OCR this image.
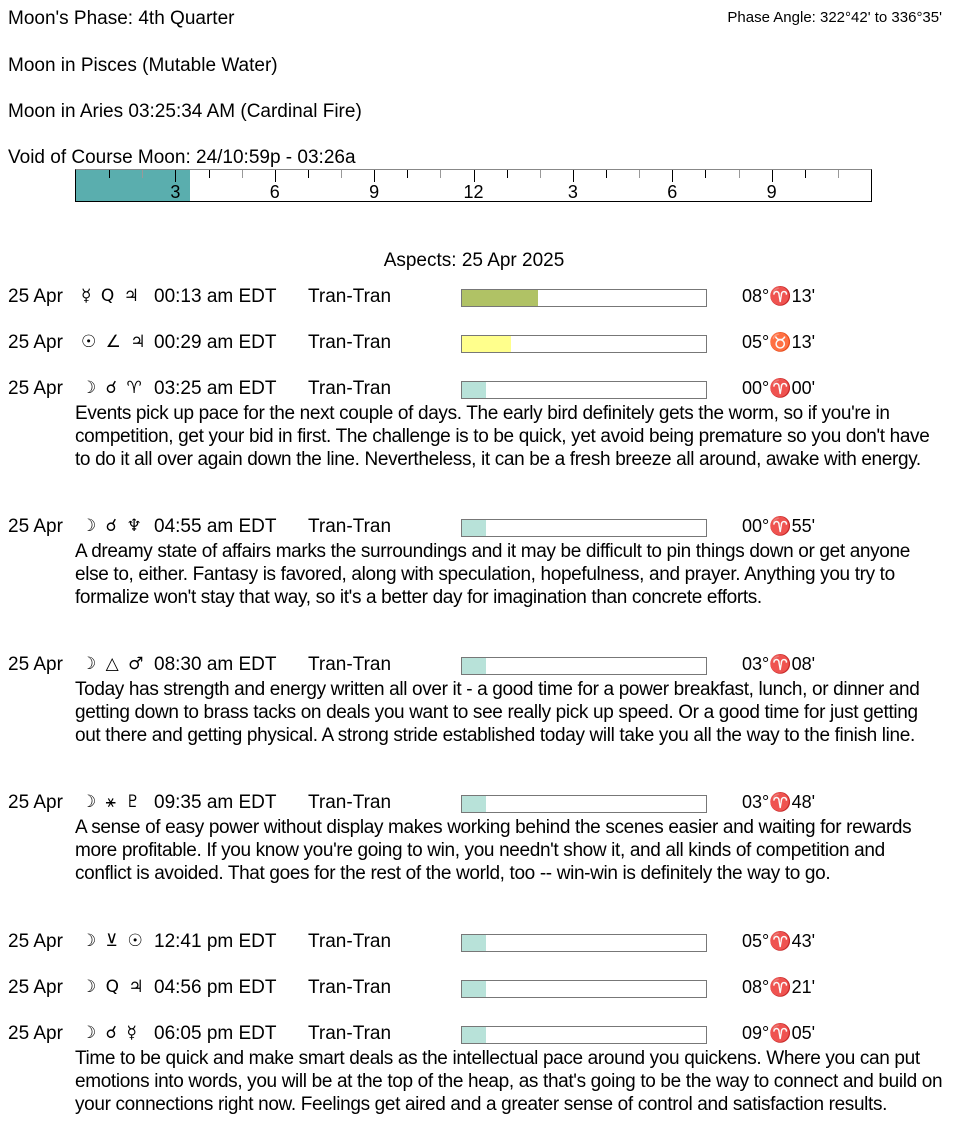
Moon's Phase: 4th Quarter	Phase Angle: 322°42' to 336°35'
Moon in Pisces (Mutable Water)
Moon in Aries 03:25:34 AM (Cardinal Fire)
Void of Course Moon: 24/10:59p - 03:26a
3	6	9	12	3	6	9
Aspects: 25 Apr 2025
25 Apr ☿ Q ♃ 00:13 am EDT Tran-Tran	08°♈13'
25 Apr ☉ ∠ ♃ 00:29 am EDT Tran-Tran	05°♉13'
25 Apr ☽ ☌ ♈ 03:25 am EDT Tran-Tran	00°♈00'
Events pick up pace for the next couple of days. The early bird definitely gets the worm, so if you're in competition, get your bid in first. The challenge is to be quick, yet avoid being premature so you don't have to do it all over again down the line. Nevertheless, it can be a fresh breeze all around, awake with energy.
25 Apr ☽ ☌ ♆ 04:55 am EDT Tran-Tran	00°♈55'
A dreamy state of affairs marks the surroundings and it may be difficult to pin things down or get anyone else to, either. Fantasy is favored, along with speculation, hopefulness, and prayer. Anything you try to formalize won't stay that way, so it's a better day for imagination than concrete efforts.
25 Apr ☽ △ ♂ 08:30 am EDT Tran-Tran	03°♈08'
Today has strength and energy written all over it - a good time for a power breakfast, lunch, or dinner and getting down to brass tacks on deals you want to see really pick up speed. Or a good time for just getting out there and getting physical. A strong stride established today will take you all the way to the finish line.
25 Apr ☽ ⚹ ♇ 09:35 am EDT Tran-Tran	03°♈48'
A sense of easy power without display makes working behind the scenes easier and waiting for rewards more profitable. If you know you're going to win, you needn't show it, and all kinds of competition and conflict is avoided. That goes for the rest of the world, too -- win-win is definitely the way to go.
25 Apr ☽ ⊻ ☉ 12:41 pm EDT Tran-Tran	05°♈43'
25 Apr ☽ Q ♃ 04:56 pm EDT Tran-Tran	08°♈21'
25 Apr ☽ ☌ ☿ 06:05 pm EDT Tran-Tran	09°♈05'
Time to be quick and make smart deals as the intellectual pace around you quickens. Where you can put emotions into words, you will be at the top of the heap, as that's going to be the way to connect and build on your connections right now. Feelings get aired and a greater sense of control and satisfaction results.
